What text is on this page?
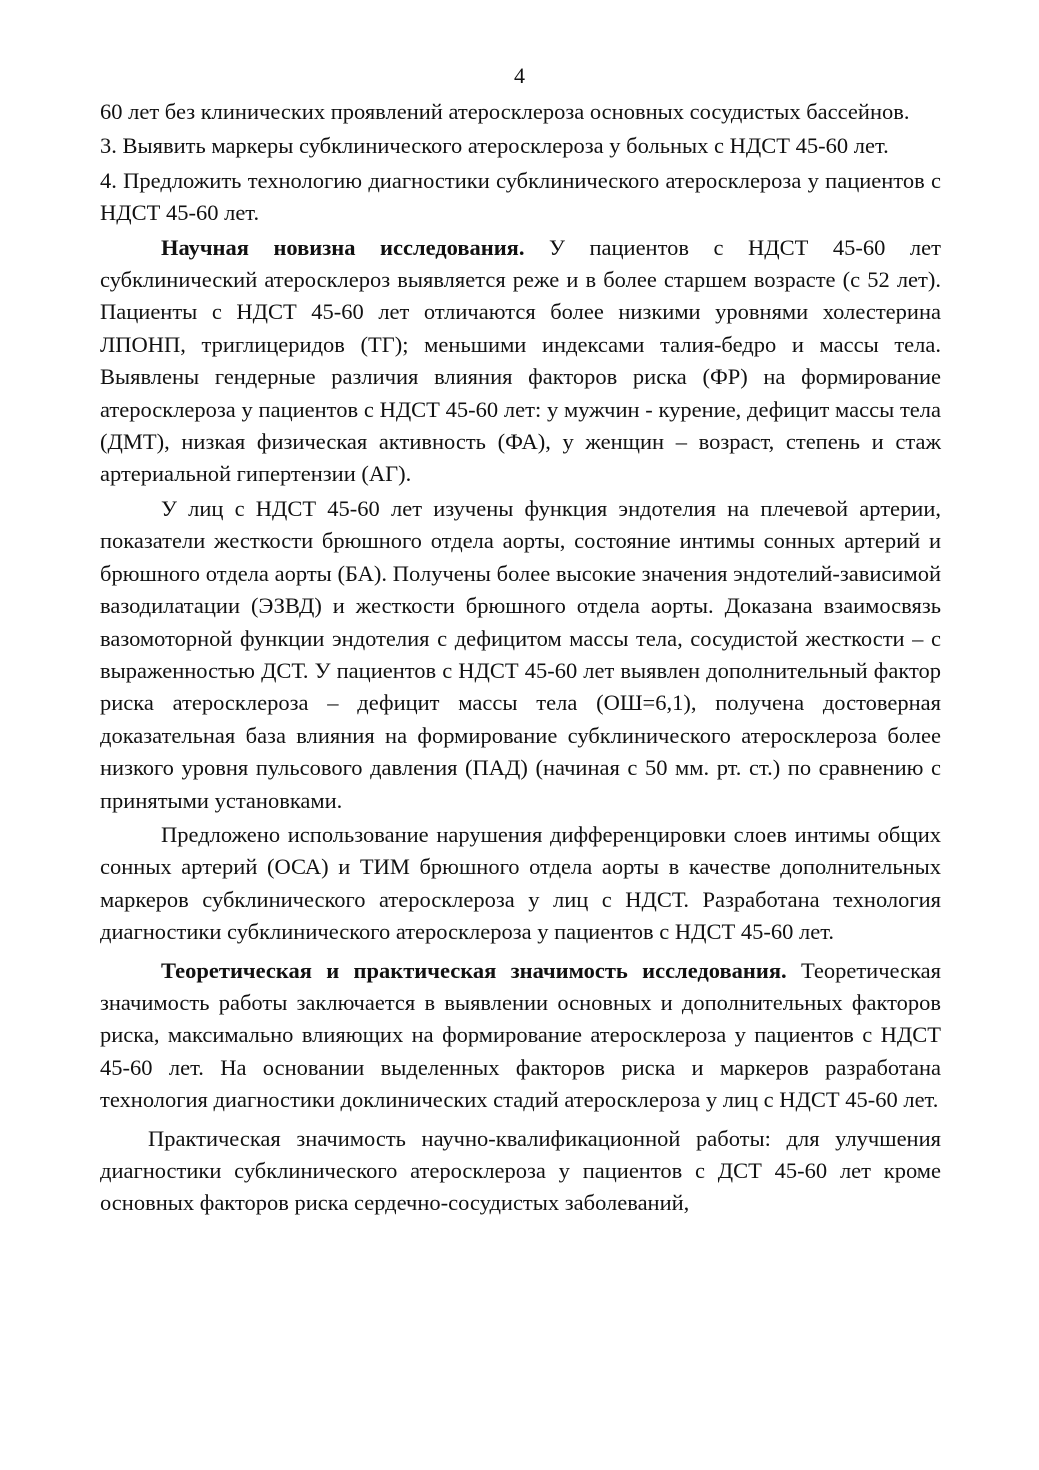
4

60 лет без клинических проявлений атеросклероза основных сосудистых бассейнов.

3. Выявить маркеры субклинического атеросклероза у больных с НДСТ 45-60 лет.

4. Предложить технологию диагностики субклинического атеросклероза у пациентов с НДСТ 45-60 лет.

Научная новизна исследования. У пациентов с НДСТ 45-60 лет субклинический атеросклероз выявляется реже и в более старшем возрасте (с 52 лет). Пациенты с НДСТ 45-60 лет отличаются более низкими уровнями холестерина ЛПОНП, триглицеридов (ТГ); меньшими индексами талия-бедро и массы тела. Выявлены гендерные различия влияния факторов риска (ФР) на формирование атеросклероза у пациентов с НДСТ 45-60 лет: у мужчин - курение, дефицит массы тела (ДМТ), низкая физическая активность (ФА), у женщин – возраст, степень и стаж артериальной гипертензии (АГ).

У лиц с НДСТ 45-60 лет изучены функция эндотелия на плечевой артерии, показатели жесткости брюшного отдела аорты, состояние интимы сонных артерий и брюшного отдела аорты (БА). Получены более высокие значения эндотелий-зависимой вазодилатации (ЭЗВД) и жесткости брюшного отдела аорты. Доказана взаимосвязь вазомоторной функции эндотелия с дефицитом массы тела, сосудистой жесткости – с выраженностью ДСТ. У пациентов с НДСТ 45-60 лет выявлен дополнительный фактор риска атеросклероза – дефицит массы тела (ОШ=6,1), получена достоверная доказательная база влияния на формирование субклинического атеросклероза более низкого уровня пульсового давления (ПАД) (начиная с 50 мм. рт. ст.) по сравнению с принятыми установками.

Предложено использование нарушения дифференцировки слоев интимы общих сонных артерий (ОСА) и ТИМ брюшного отдела аорты в качестве дополнительных маркеров субклинического атеросклероза у лиц с НДСТ. Разработана технология диагностики субклинического атеросклероза у пациентов с НДСТ 45-60 лет.

Теоретическая и практическая значимость исследования. Теоретическая значимость работы заключается в выявлении основных и дополнительных факторов риска, максимально влияющих на формирование атеросклероза у пациентов с НДСТ 45-60 лет. На основании выделенных факторов риска и маркеров разработана технология диагностики доклинических стадий атеросклероза у лиц с НДСТ 45-60 лет.

Практическая значимость научно-квалификационной работы: для улучшения диагностики субклинического атеросклероза у пациентов с ДСТ 45-60 лет кроме основных факторов риска сердечно-сосудистых заболеваний,
